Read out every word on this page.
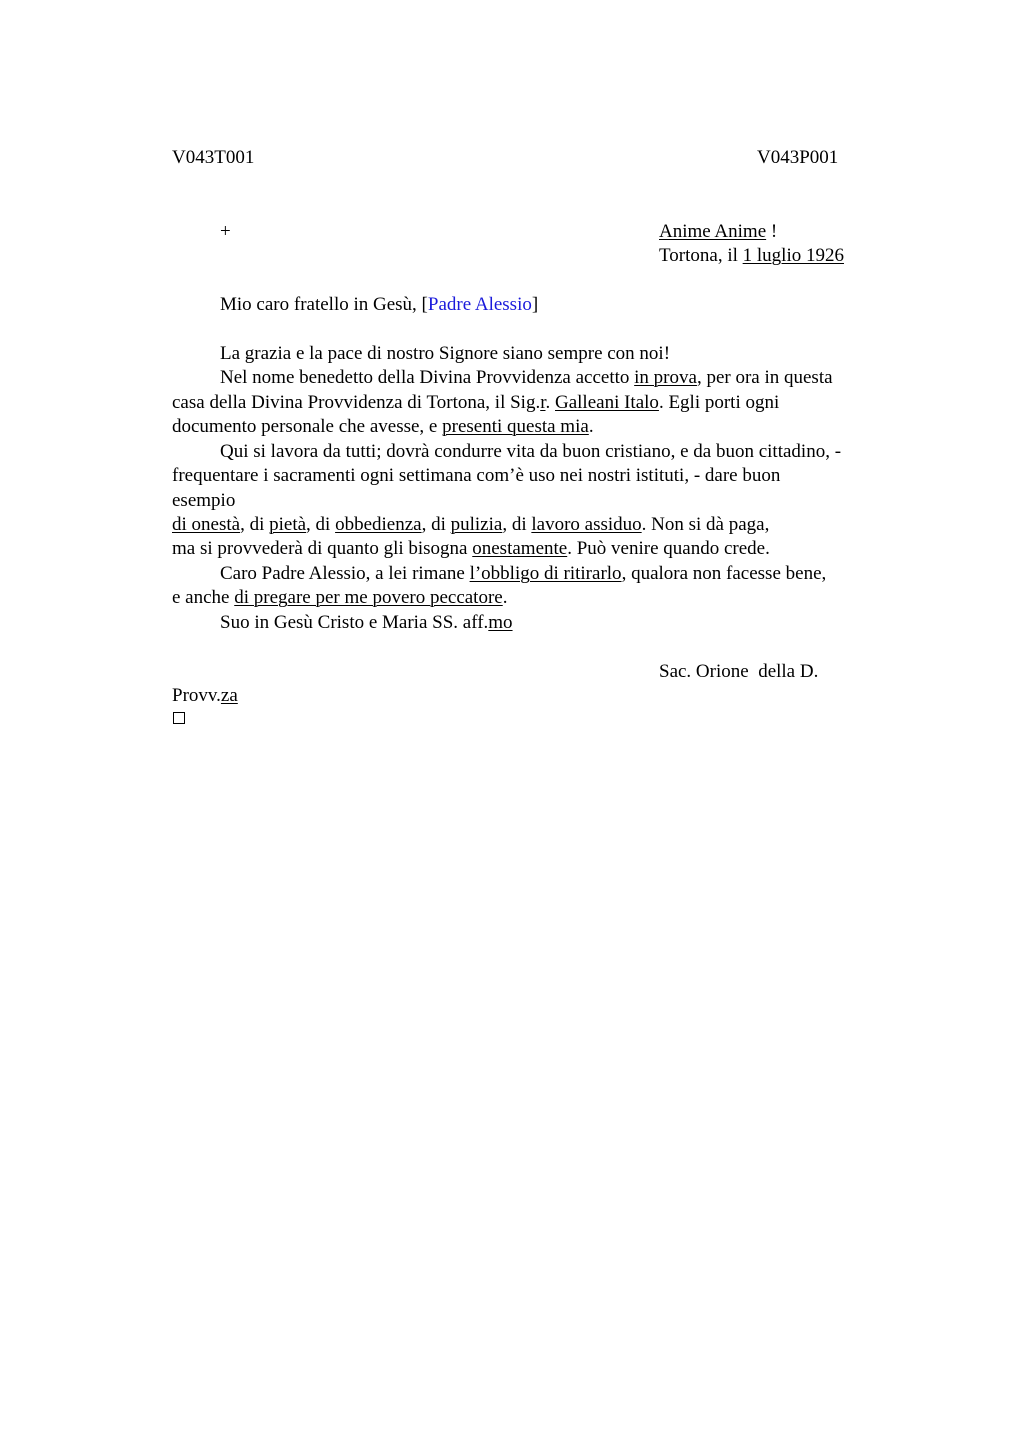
V043T001	V043P001
+	Anime Anime !
Tortona, il 1 luglio 1926
Mio caro fratello in Gesù, [Padre Alessio]
La grazia e la pace di nostro Signore siano sempre con noi!
Nel nome benedetto della Divina Provvidenza accetto in prova, per ora in questa
casa della Divina Provvidenza di Tortona, il Sig.r. Galleani Italo. Egli porti ogni
documento personale che avesse, e presenti questa mia.
Qui si lavora da tutti; dovrà condurre vita da buon cristiano, e da buon cittadino, -
frequentare i sacramenti ogni settimana com’è uso nei nostri istituti, - dare buon
esempio
di onestà, di pietà, di obbedienza, di pulizia, di lavoro assiduo. Non si dà paga,
ma si provvederà di quanto gli bisogna onestamente. Può venire quando crede.
Caro Padre Alessio, a lei rimane l’obbligo di ritirarlo, qualora non facesse bene,
e anche di pregare per me povero peccatore.
Suo in Gesù Cristo e Maria SS. aff.mo
Sac. Orione  della D.
Provv.za
